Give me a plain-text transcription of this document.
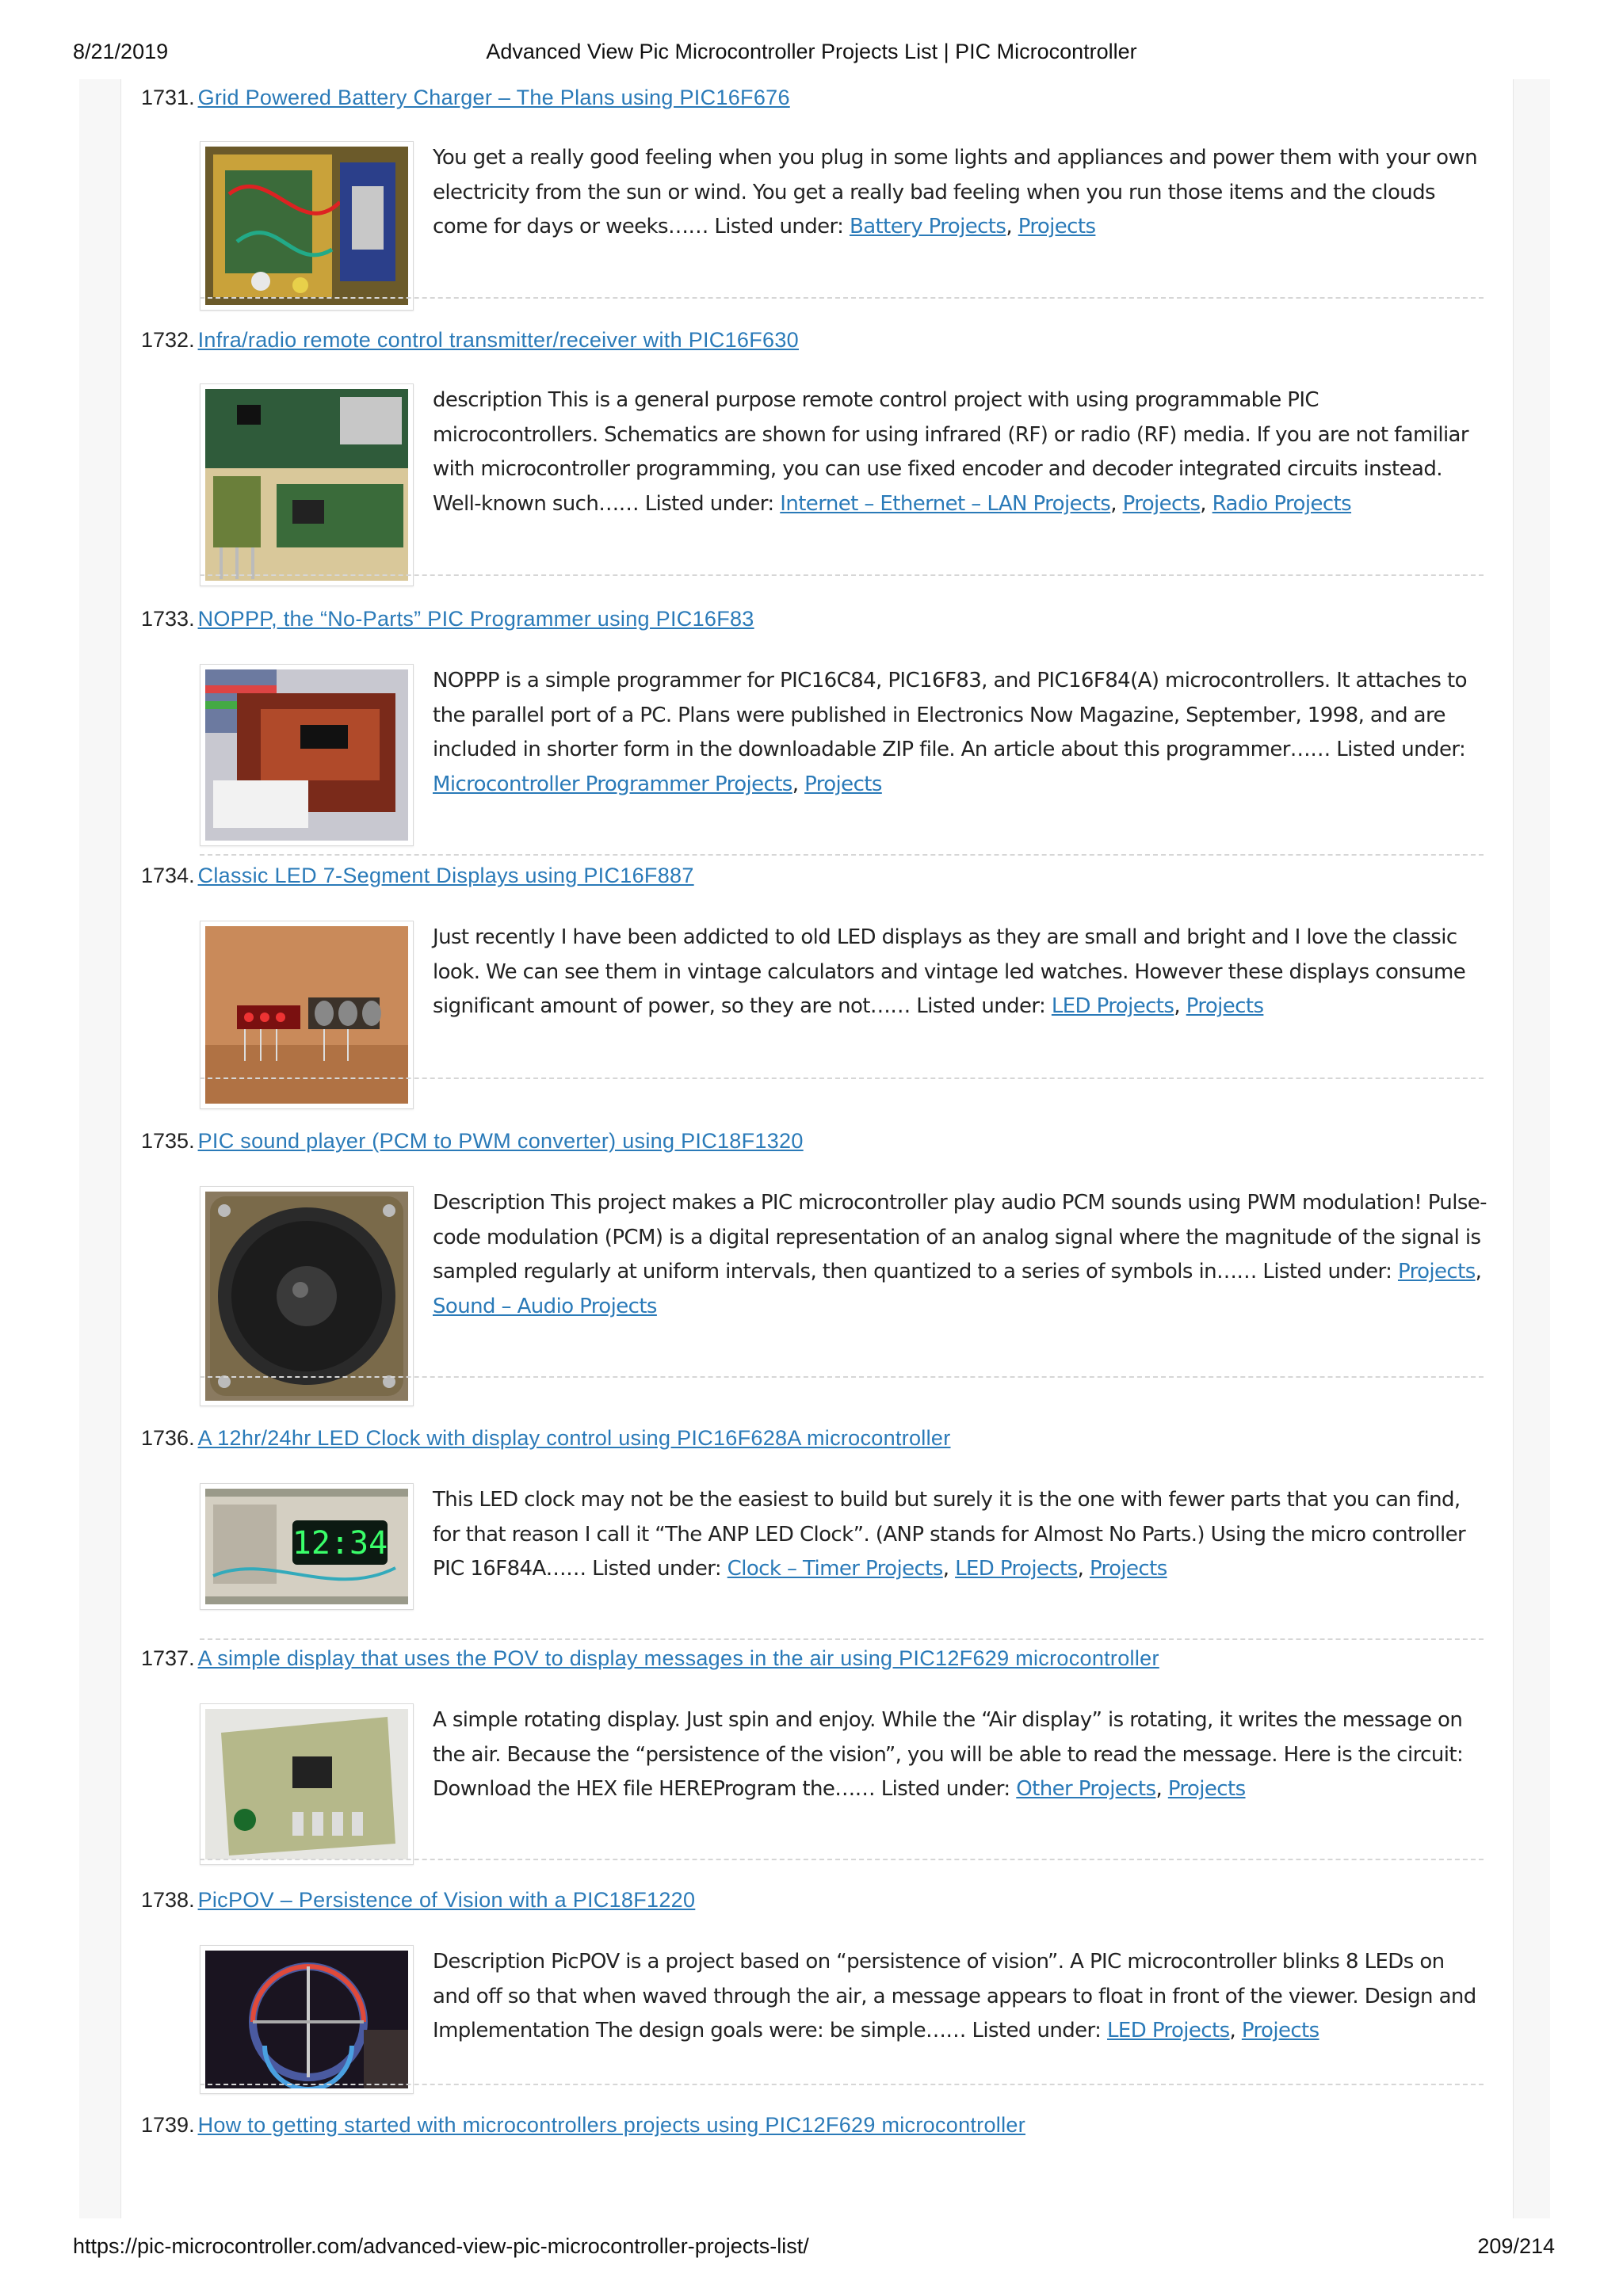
8/21/2019	Advanced View Pic Microcontroller Projects List | PIC Microcontroller
1731. Grid Powered Battery Charger – The Plans using PIC16F676
You get a really good feeling when you plug in some lights and appliances and power them with your own electricity from the sun or wind. You get a really bad feeling when you run those items and the clouds come for days or weeks…… Listed under: Battery Projects, Projects
1732. Infra/radio remote control transmitter/receiver with PIC16F630
description This is a general purpose remote control project with using programmable PIC microcontrollers. Schematics are shown for using infrared (RF) or radio (RF) media. If you are not familiar with microcontroller programming, you can use fixed encoder and decoder integrated circuits instead. Well-known such…… Listed under: Internet – Ethernet – LAN Projects, Projects, Radio Projects
1733. NOPPP, the “No-Parts” PIC Programmer using PIC16F83
NOPPP is a simple programmer for PIC16C84, PIC16F83, and PIC16F84(A) microcontrollers. It attaches to the parallel port of a PC. Plans were published in Electronics Now Magazine, September, 1998, and are included in shorter form in the downloadable ZIP file. An article about this programmer…… Listed under: Microcontroller Programmer Projects, Projects
1734. Classic LED 7-Segment Displays using PIC16F887
Just recently I have been addicted to old LED displays as they are small and bright and I love the classic look. We can see them in vintage calculators and vintage led watches. However these displays consume significant amount of power, so they are not…… Listed under: LED Projects, Projects
1735. PIC sound player (PCM to PWM converter) using PIC18F1320
Description This project makes a PIC microcontroller play audio PCM sounds using PWM modulation! Pulse-code modulation (PCM) is a digital representation of an analog signal where the magnitude of the signal is sampled regularly at uniform intervals, then quantized to a series of symbols in…… Listed under: Projects, Sound – Audio Projects
1736. A 12hr/24hr LED Clock with display control using PIC16F628A microcontroller
12:34
This LED clock may not be the easiest to build but surely it is the one with fewer parts that you can find, for that reason I call it “The ANP LED Clock”. (ANP stands for Almost No Parts.) Using the micro controller PIC 16F84A…… Listed under: Clock – Timer Projects, LED Projects, Projects
1737. A simple display that uses the POV to display messages in the air using PIC12F629 microcontroller
A simple rotating display. Just spin and enjoy. While the “Air display” is rotating, it writes the message on the air. Because the “persistence of the vision”, you will be able to read the message. Here is the circuit: Download the HEX file HEREProgram the…… Listed under: Other Projects, Projects
1738. PicPOV – Persistence of Vision with a PIC18F1220
Description PicPOV is a project based on “persistence of vision”. A PIC microcontroller blinks 8 LEDs on and off so that when waved through the air, a message appears to float in front of the viewer. Design and Implementation The design goals were: be simple…… Listed under: LED Projects, Projects
1739. How to getting started with microcontrollers projects using PIC12F629 microcontroller
https://pic-microcontroller.com/advanced-view-pic-microcontroller-projects-list/	209/214
